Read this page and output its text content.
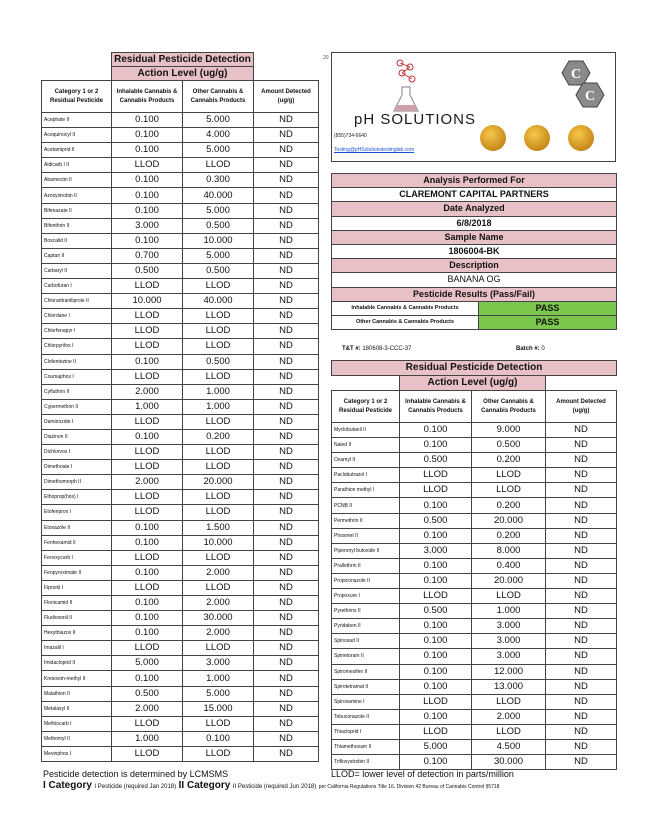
	Residual Pesticide Detection		
	Action Level (ug/g)		
Category 1 or 2 Residual Pesticide	Inhalable Cannabis & Cannabis Products	Other Cannabis & Cannabis Products	Amount Detected (ug/g)
Acephate II	0.100	5.000	ND
Acequinocyl II	0.100	4.000	ND
Acetamiprid II	0.100	5.000	ND
Aldicarb I II	LLOD	LLOD	ND
Abamectin II	0.100	0.300	ND
Azoxystrobin II	0.100	40.000	ND
Bifenazate II	0.100	5.000	ND
Bifenthrin II	3.000	0.500	ND
Boscalid II	0.100	10.000	ND
Captan II	0.700	5.000	ND
Carbaryl II	0.500	0.500	ND
Carbofuran I	LLOD	LLOD	ND
Chlorantraniliprole II	10.000	40.000	ND
Chlordane I	LLOD	LLOD	ND
Chlorfenapyr I	LLOD	LLOD	ND
Chlorpyrifos I	LLOD	LLOD	ND
Clofentezine II	0.100	0.500	ND
Coumaphos I	LLOD	LLOD	ND
Cyfluthrin II	2.000	1.000	ND
Cypermethrin II	1.000	1.000	ND
Daminozide I	LLOD	LLOD	ND
Diazinon II	0.100	0.200	ND
Dichlorvos I	LLOD	LLOD	ND
Dimethoate I	LLOD	LLOD	ND
Dimethomorph II	2.000	20.000	ND
Ethoprop(hos) I	LLOD	LLOD	ND
Etofenprox I	LLOD	LLOD	ND
Etoxazole II	0.100	1.500	ND
Fenhexamid II	0.100	10.000	ND
Fenoxycarb I	LLOD	LLOD	ND
Fenpyroximate II	0.100	2.000	ND
Fipronil I	LLOD	LLOD	ND
Flonicamid II	0.100	2.000	ND
Fludioxonil II	0.100	30.000	ND
Hexythiazox II	0.100	2.000	ND
Imazalil I	LLOD	LLOD	ND
Imidacloprid II	5.000	3.000	ND
Kresoxim-methyl II	0.100	1.000	ND
Malathion II	0.500	5.000	ND
Metalaxyl II	2.000	15.000	ND
Methiocarb I	LLOD	LLOD	ND
Methomyl II	1.000	0.100	ND
Mevinphos I	LLOD	LLOD	ND
20
pH SOLUTIONS
(855)734-6640
Testing@pHSolutionstestinglab.com
C
C
Analysis Performed For	
CLAREMONT CAPITAL PARTNERS	
Date Analyzed	
6/8/2018	
Sample Name	
1806004-BK	
Description	
BANANA OG	
Pesticide Results (Pass/Fail)	
Inhalable Cannabis & Cannabis Products	PASS
Other Cannabis & Cannabis Products	PASS
T&T #: 180608-3-CCC-37	Batch #: 0
Residual Pesticide Detection			
	Action Level (ug/g)		
Category 1 or 2 Residual Pesticide	Inhalable Cannabis & Cannabis Products	Other Cannabis & Cannabis Products	Amount Detected (ug/g)
Myclobutanil II	0.100	9.000	ND
Naled II	0.100	0.500	ND
Oxamyl II	0.500	0.200	ND
Paclobutrazol I	LLOD	LLOD	ND
Parathion methyl I	LLOD	LLOD	ND
PCNB II	0.100	0.200	ND
Permethrin II	0.500	20.000	ND
Phosmet II	0.100	0.200	ND
Piperonyl butoxide II	3.000	8.000	ND
Prallethrin II	0.100	0.400	ND
Propiconazole II	0.100	20.000	ND
Propoxure I	LLOD	LLOD	ND
Pyrethrins II	0.500	1.000	ND
Pyridaben II	0.100	3.000	ND
Spinosad II	0.100	3.000	ND
Spinetoram II	0.100	3.000	ND
Spiromesifen II	0.100	12.000	ND
Spirotetramat II	0.100	13.000	ND
Spiroxamine I	LLOD	LLOD	ND
Tebuconazole II	0.100	2.000	ND
Thiacloprid I	LLOD	LLOD	ND
Thiamethoxam II	5.000	4.500	ND
Trifloxystrobin II	0.100	30.000	ND
Pesticide detection is determined by LCMSMS	LLOD= lower level of detection in parts/million
I Category I Pesticide (required Jan 2018) II Category II Pesticide (required Jun 2018) per California Regulations Title 16, Division 42 Bureau of Cannabis Control §5718
